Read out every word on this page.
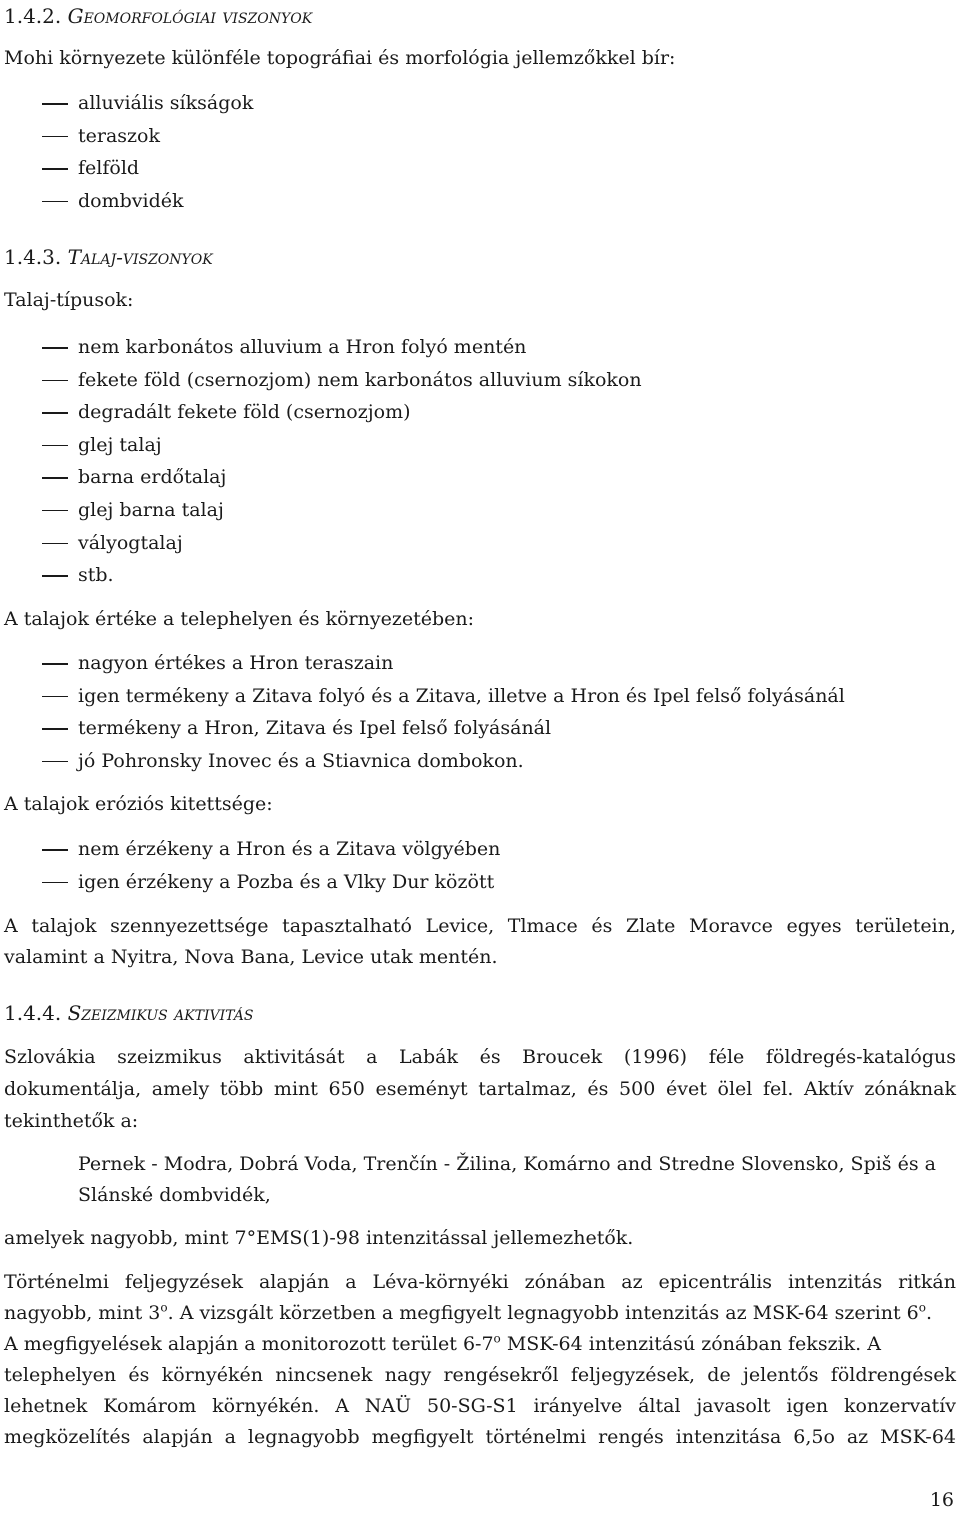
1.4.2. Geomorfológiai viszonyok
Mohi környezete különféle topográfiai és morfológia jellemzőkkel bír:
alluviális síkságok
teraszok
felföld
dombvidék
1.4.3. Talaj-viszonyok
Talaj-típusok:
nem karbonátos alluvium a Hron folyó mentén
fekete föld (csernozjom) nem karbonátos alluvium síkokon
degradált fekete föld (csernozjom)
glej talaj
barna erdőtalaj
glej barna talaj
vályogtalaj
stb.
A talajok értéke a telephelyen és környezetében:
nagyon értékes a Hron teraszain
igen termékeny a Zitava folyó és a Zitava, illetve a Hron és Ipel felső folyásánál
termékeny a Hron, Zitava és Ipel felső folyásánál
jó Pohronsky Inovec és a Stiavnica dombokon.
A talajok eróziós kitettsége:
nem érzékeny a Hron és a Zitava völgyében
igen érzékeny a Pozba és a Vlky Dur között
A talajok szennyezettsége tapasztalható Levice, Tlmace és Zlate Moravce egyes területein,
valamint a Nyitra, Nova Bana, Levice utak mentén.
1.4.4. Szeizmikus aktivitás
Szlovákia szeizmikus aktivitását a Labák és Broucek (1996) féle földregés-katalógus
dokumentálja, amely több mint 650 eseményt tartalmaz, és 500 évet ölel fel. Aktív zónáknak
tekinthetők a:
Pernek - Modra, Dobrá Voda, Trenčín - Žilina, Komárno and Stredne Slovensko, Spiš és a
Slánské dombvidék,
amelyek nagyobb, mint 7°EMS(1)-98 intenzitással jellemezhetők.
Történelmi feljegyzések alapján a Léva-környéki zónában az epicentrális intenzitás ritkán
nagyobb, mint 3$^o$. A vizsgált körzetben a megfigyelt legnagyobb intenzitás az MSK-64 szerint 6$^o$.
A megfigyelések alapján a monitorozott terület 6-7$^o$ MSK-64 intenzitású zónában fekszik. A
telephelyen és környékén nincsenek nagy rengésekről feljegyzések, de jelentős földrengések
lehetnek Komárom környékén. A NAÜ 50-SG-S1 irányelve által javasolt igen konzervatív
megközelítés alapján a legnagyobb megfigyelt történelmi rengés intenzitása 6,5o az MSK-64
16
